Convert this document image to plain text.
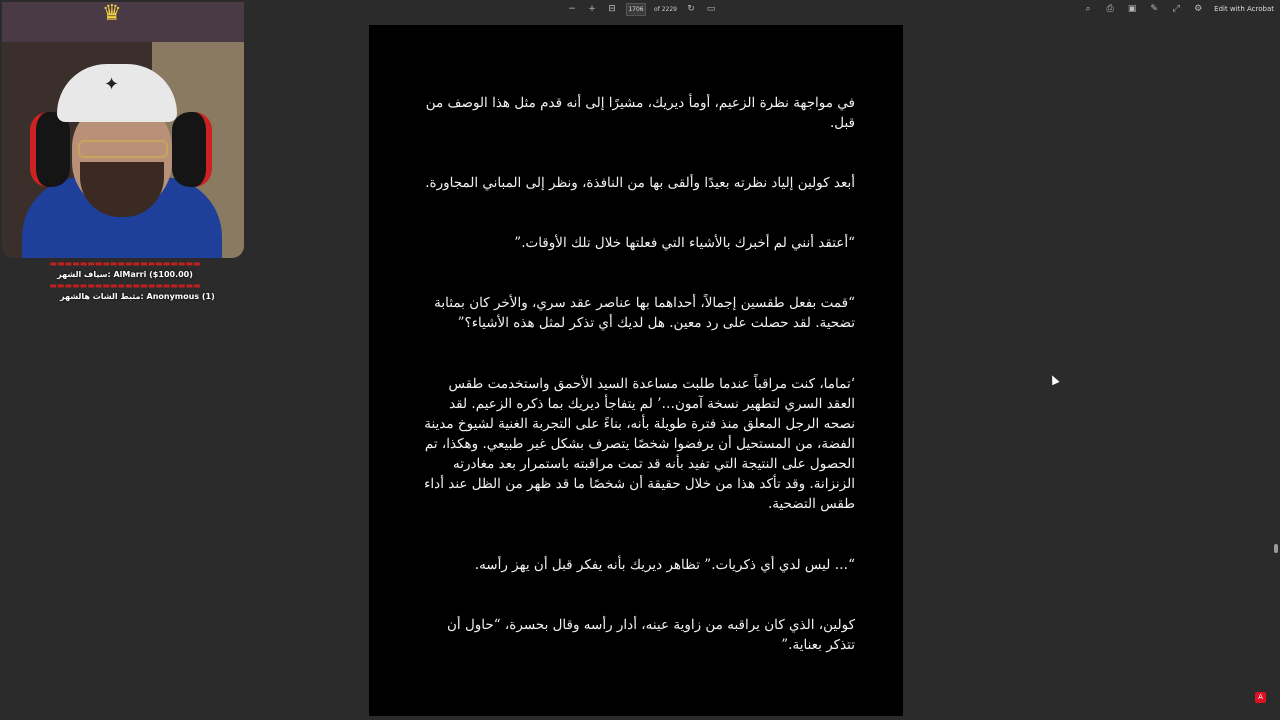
− + ⊟	1706	of 2229 ↻ ▭	⌕	⎙ ▣ ✎ ⤢ ⚙ Edit with Acrobat

في مواجهة نظرة الزعيم، أومأ ديريك، مشيرًا إلى أنه قدم مثل هذا الوصف من قبل.

أبعد كولين إلياد نظرته بعيدًا وألقى بها من النافذة، ونظر إلى المباني المجاورة.

“أعتقد أنني لم أخبرك بالأشياء التي فعلتها خلال تلك الأوقات.”

“قمت بفعل طقسين إجمالاً، أحداهما بها عناصر عقد سري، والأخر كان بمثابة تضحية. لقد حصلت على رد معين. هل لديك أي تذكر لمثل هذه الأشياء؟”

‘تماما، كنت مراقباً عندما طلبت مساعدة السيد الأحمق واستخدمت طقس العقد السري لتطهير نسخة آمون…’ لم يتفاجأ ديريك بما ذكره الزعيم. لقد نصحه الرجل المعلق منذ فترة طويلة بأنه، بناءً على التجربة الغنية لشيوخ مدينة الفضة، من المستحيل أن يرفضوا شخصًا يتصرف بشكل غير طبيعي. وهكذا، تم الحصول على النتيجة التي تفيد بأنه قد تمت مراقبته باستمرار بعد مغادرته الزنزانة. وقد تأكد هذا من خلال حقيقة أن شخصًا ما قد ظهر من الظل عند أداء طقس التضحية.

“… ليس لدي أي ذكريات.” تظاهر ديريك بأنه يفكر قبل أن يهز رأسه.

كولين، الذي كان يراقبه من زاوية عينه، أدار رأسه وقال بحسرة، “حاول أن تتذكر بعناية.”

♛
✦
▬▬▬▬▬▬▬▬▬▬▬▬▬▬▬▬▬▬▬▬
سياف الشهر: AlMarri ($100.00)
▬▬▬▬▬▬▬▬▬▬▬▬▬▬▬▬▬▬▬▬
مثبط الشات هالشهر: Anonymous (1)
A
